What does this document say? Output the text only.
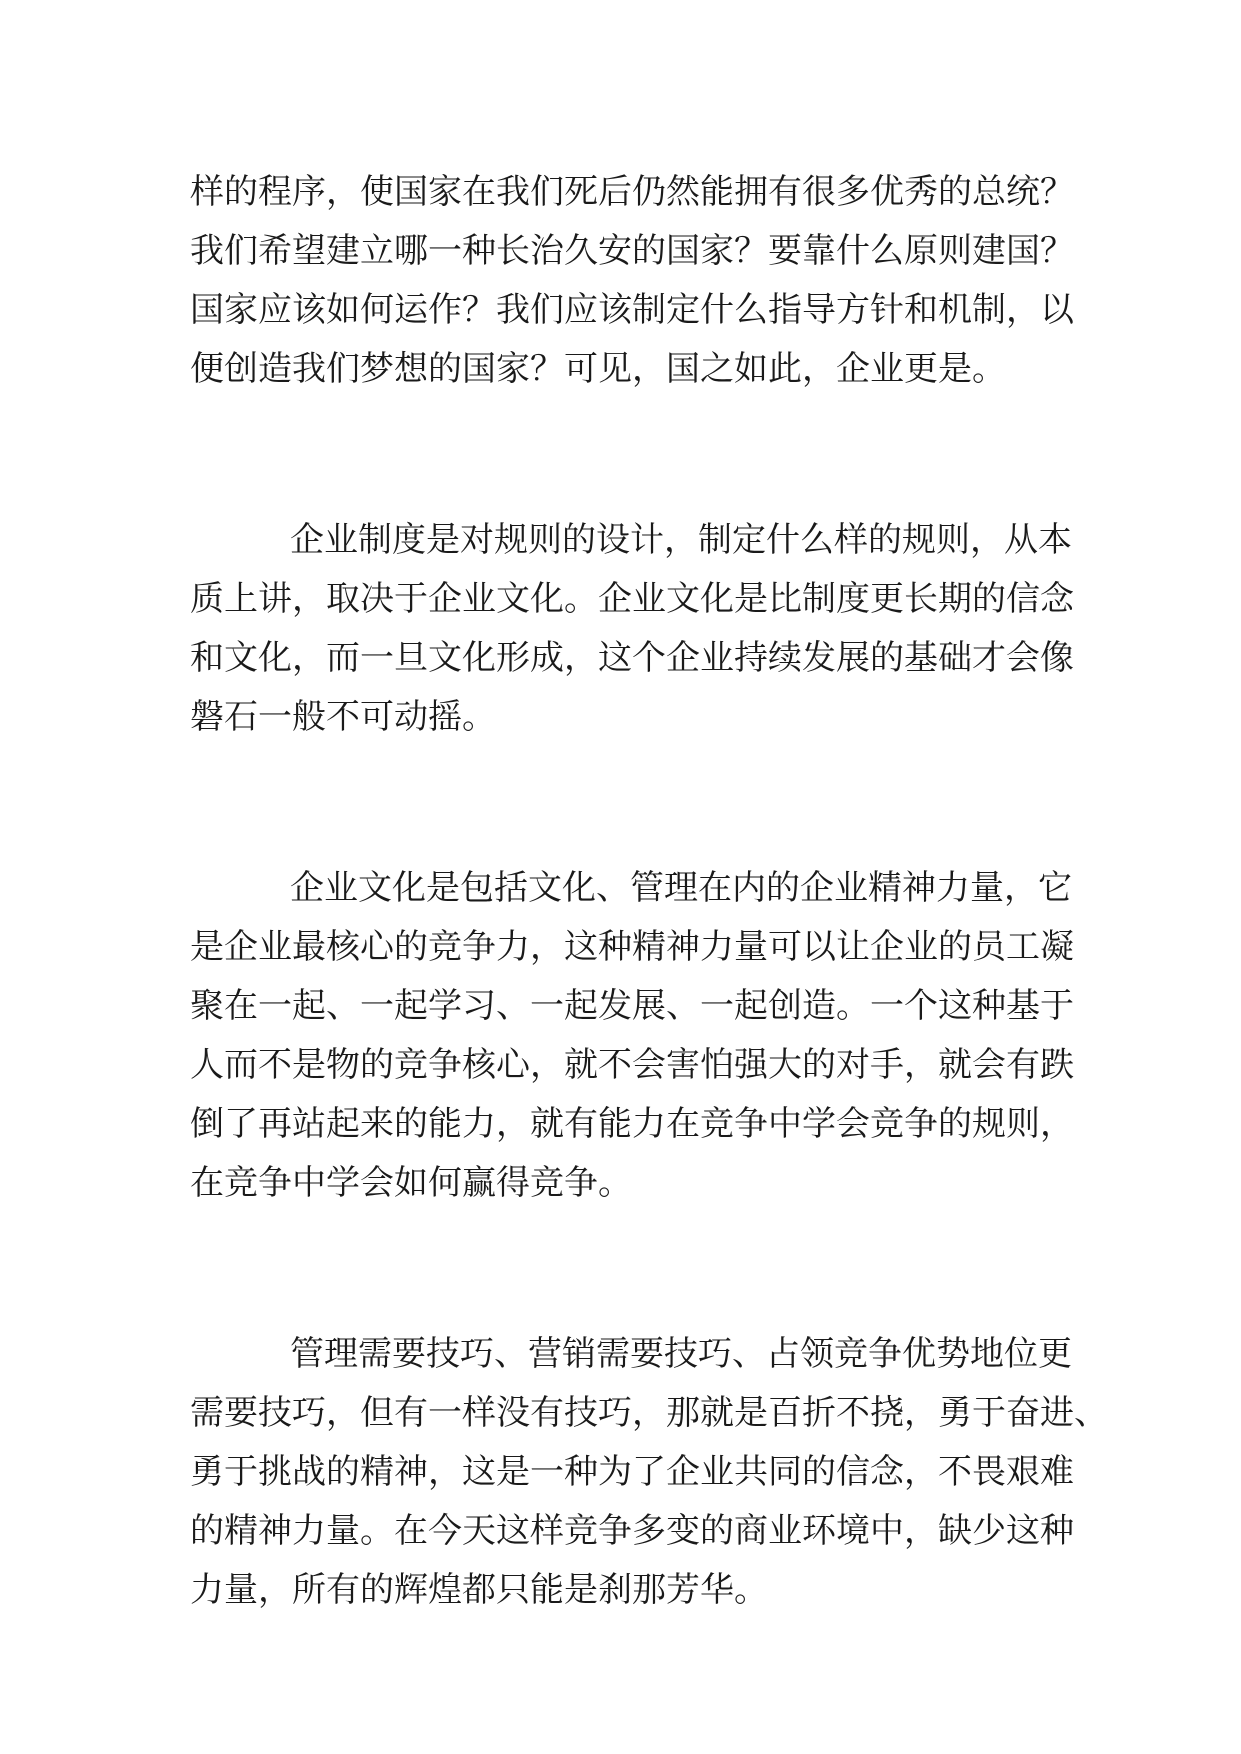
样的程序，使国家在我们死后仍然能拥有很多优秀的总统？
我们希望建立哪一种长治久安的国家？要靠什么原则建国？
国家应该如何运作？我们应该制定什么指导方针和机制，以
便创造我们梦想的国家？可见，国之如此，企业更是。

企业制度是对规则的设计，制定什么样的规则，从本
质上讲，取决于企业文化。企业文化是比制度更长期的信念
和文化，而一旦文化形成，这个企业持续发展的基础才会像
磐石一般不可动摇。

企业文化是包括文化、管理在内的企业精神力量，它
是企业最核心的竞争力，这种精神力量可以让企业的员工凝
聚在一起、一起学习、一起发展、一起创造。一个这种基于
人而不是物的竞争核心，就不会害怕强大的对手，就会有跌
倒了再站起来的能力，就有能力在竞争中学会竞争的规则，
在竞争中学会如何赢得竞争。

管理需要技巧、营销需要技巧、占领竞争优势地位更
需要技巧，但有一样没有技巧，那就是百折不挠，勇于奋进、
勇于挑战的精神，这是一种为了企业共同的信念，不畏艰难
的精神力量。在今天这样竞争多变的商业环境中，缺少这种
力量，所有的辉煌都只能是刹那芳华。
